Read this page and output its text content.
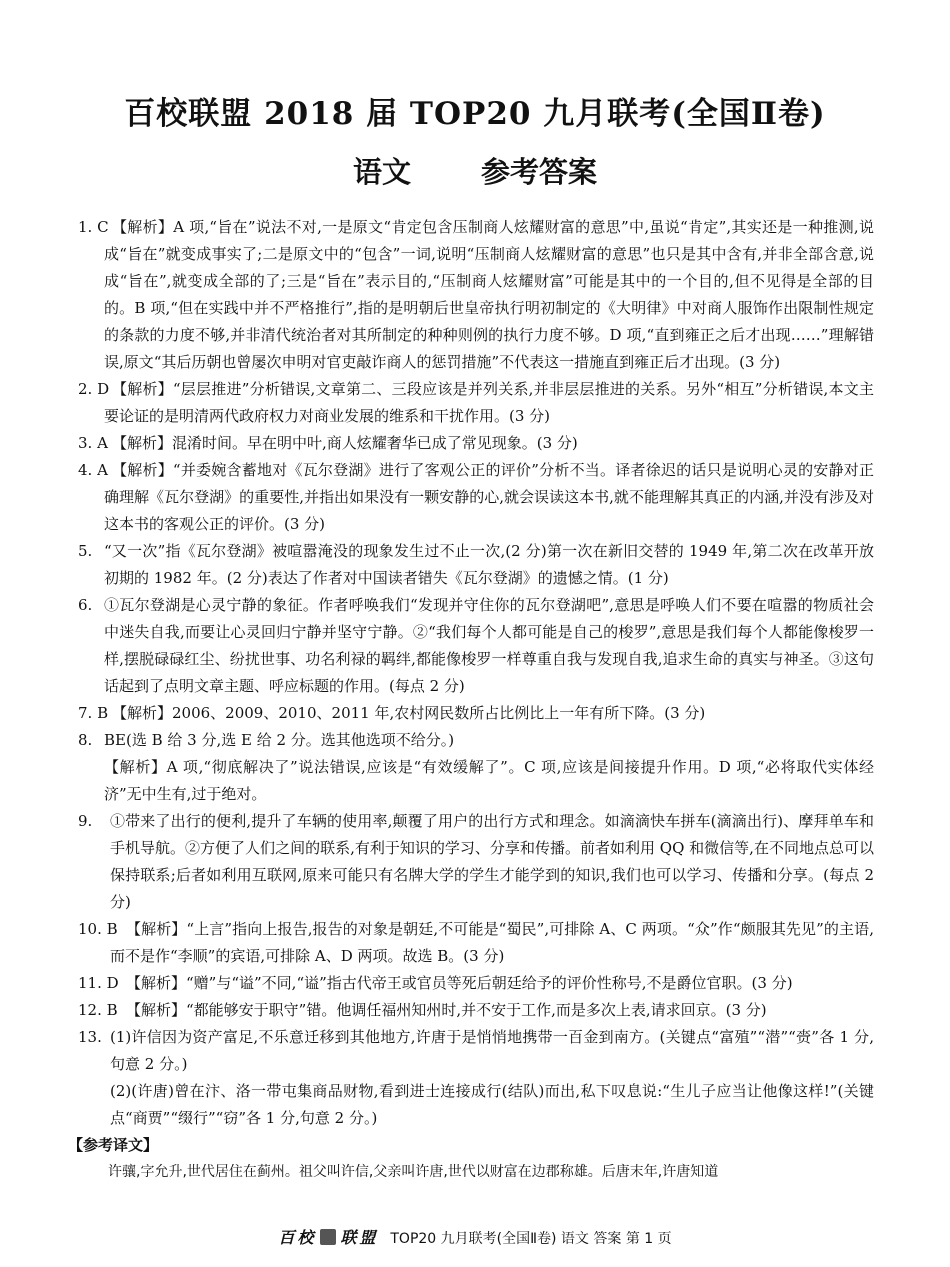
百校联盟 2018 届 TOP20 九月联考(全国Ⅱ卷)
语文 参考答案
1. C 【解析】A 项,“旨在”说法不对,一是原文“肯定包含压制商人炫耀财富的意思”中,虽说“肯定”,其实还是一种推测,说成“旨在”就变成事实了;二是原文中的“包含”一词,说明“压制商人炫耀财富的意思”也只是其中含有,并非全部含意,说成“旨在”,就变成全部的了;三是“旨在”表示目的,“压制商人炫耀财富”可能是其中的一个目的,但不见得是全部的目的。B 项,“但在实践中并不严格推行”,指的是明朝后世皇帝执行明初制定的《大明律》中对商人服饰作出限制性规定的条款的力度不够,并非清代统治者对其所制定的种种则例的执行力度不够。D 项,“直到雍正之后才出现……”理解错误,原文“其后历朝也曾屡次申明对官吏敲诈商人的惩罚措施”不代表这一措施直到雍正后才出现。(3 分)
2. D 【解析】“层层推进”分析错误,文章第二、三段应该是并列关系,并非层层推进的关系。另外“相互”分析错误,本文主要论证的是明清两代政府权力对商业发展的维系和干扰作用。(3 分)
3. A 【解析】混淆时间。早在明中叶,商人炫耀奢华已成了常见现象。(3 分)
4. A 【解析】“并委婉含蓄地对《瓦尔登湖》进行了客观公正的评价”分析不当。译者徐迟的话只是说明心灵的安静对正确理解《瓦尔登湖》的重要性,并指出如果没有一颗安静的心,就会误读这本书,就不能理解其真正的内涵,并没有涉及对这本书的客观公正的评价。(3 分)
5. “又一次”指《瓦尔登湖》被喧嚣淹没的现象发生过不止一次,(2 分)第一次在新旧交替的 1949 年,第二次在改革开放初期的 1982 年。(2 分)表达了作者对中国读者错失《瓦尔登湖》的遗憾之情。(1 分)
6. ①瓦尔登湖是心灵宁静的象征。作者呼唤我们“发现并守住你的瓦尔登湖吧”,意思是呼唤人们不要在喧嚣的物质社会中迷失自我,而要让心灵回归宁静并坚守宁静。②“我们每个人都可能是自己的梭罗”,意思是我们每个人都能像梭罗一样,摆脱碌碌红尘、纷扰世事、功名利禄的羁绊,都能像梭罗一样尊重自我与发现自我,追求生命的真实与神圣。③这句话起到了点明文章主题、呼应标题的作用。(每点 2 分)
7. B 【解析】2006、2009、2010、2011 年,农村网民数所占比例比上一年有所下降。(3 分)
8. BE(选 B 给 3 分,选 E 给 2 分。选其他选项不给分。)
【解析】A 项,“彻底解决了”说法错误,应该是“有效缓解了”。C 项,应该是间接提升作用。D 项,“必将取代实体经济”无中生有,过于绝对。
9. ①带来了出行的便利,提升了车辆的使用率,颠覆了用户的出行方式和理念。如滴滴快车拼车(滴滴出行)、摩拜单车和手机导航。②方便了人们之间的联系,有利于知识的学习、分享和传播。前者如利用 QQ 和微信等,在不同地点总可以保持联系;后者如利用互联网,原来可能只有名牌大学的学生才能学到的知识,我们也可以学习、传播和分享。(每点 2 分)
10. B 【解析】“上言”指向上报告,报告的对象是朝廷,不可能是“蜀民”,可排除 A、C 两项。“众”作“颇服其先见”的主语,而不是作“李顺”的宾语,可排除 A、D 两项。故选 B。(3 分)
11. D 【解析】“赠”与“谥”不同,“谥”指古代帝王或官员等死后朝廷给予的评价性称号,不是爵位官职。(3 分)
12. B 【解析】“都能够安于职守”错。他调任福州知州时,并不安于工作,而是多次上表,请求回京。(3 分)
13. (1)许信因为资产富足,不乐意迁移到其他地方,许唐于是悄悄地携带一百金到南方。(关键点“富殖”“潜”“赍”各 1 分,句意 2 分。)
(2)(许唐)曾在汴、洛一带屯集商品财物,看到进士连接成行(结队)而出,私下叹息说:“生儿子应当让他像这样!”(关键点“商贾”“缀行”“窃”各 1 分,句意 2 分。)
【参考译文】
许骧,字允升,世代居住在蓟州。祖父叫许信,父亲叫许唐,世代以财富在边郡称雄。后唐末年,许唐知道
百校 联盟 TOP20 九月联考(全国Ⅱ卷) 语文 答案 第 1 页
